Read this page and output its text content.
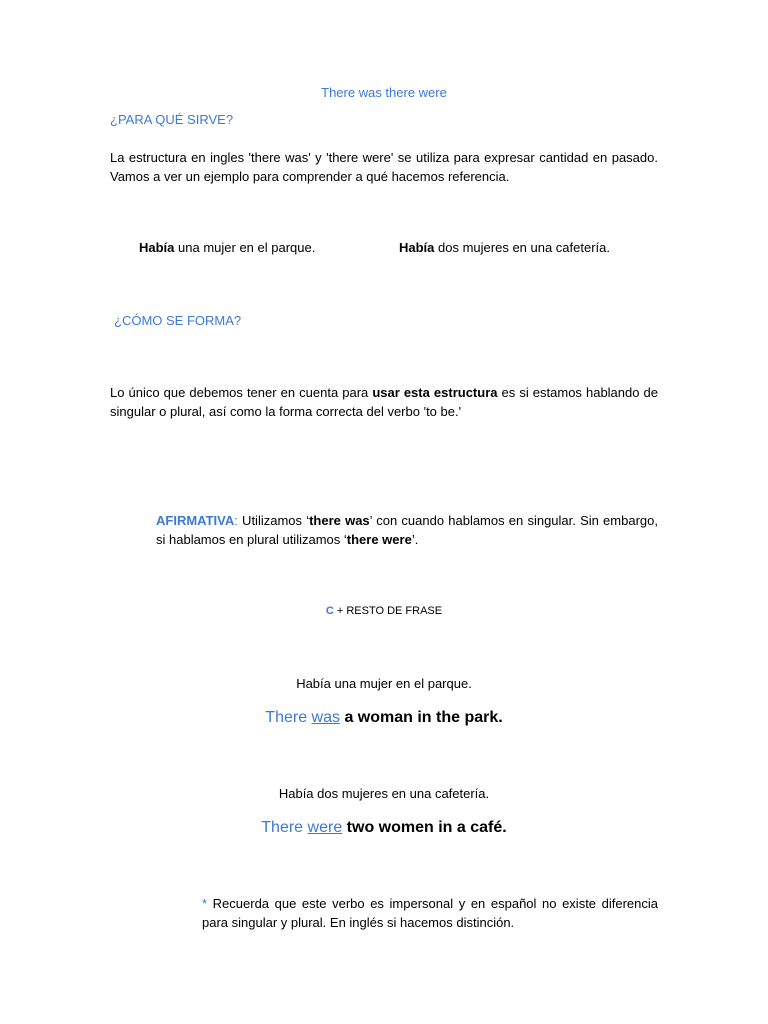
There was there were
¿PARA QUÉ SIRVE?
La estructura en ingles 'there was' y 'there were' se utiliza para expresar cantidad en pasado. Vamos a ver un ejemplo para comprender a qué hacemos referencia.
Había una mujer en el parque.	Había dos mujeres en una cafetería.
¿CÓMO SE FORMA?
Lo único que debemos tener en cuenta para usar esta estructura es si estamos hablando de singular o plural, así como la forma correcta del verbo 'to be.'
AFIRMATIVA: Utilizamos ‘there was’ con cuando hablamos en singular. Sin embargo, si hablamos en plural utilizamos ‘there were’.
C + RESTO DE FRASE
Había una mujer en el parque.
There was a woman in the park.
Había dos mujeres en una cafetería.
There were two women in a café.
* Recuerda que este verbo es impersonal y en español no existe diferencia para singular y plural. En inglés si hacemos distinción.
